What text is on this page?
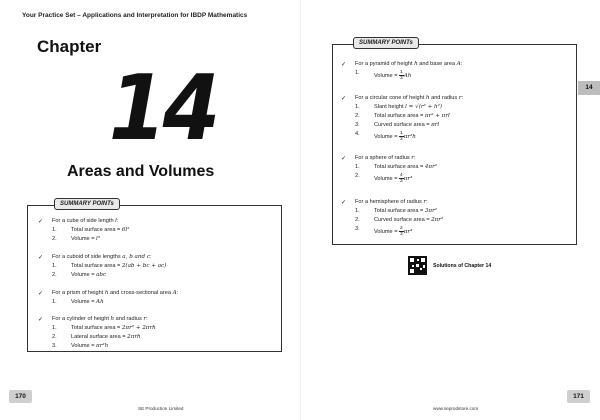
Your Practice Set – Applications and Interpretation for IBDP Mathematics
Chapter
14
Areas and Volumes
SUMMARY POINTs
✓ For a cube of side length l:
1.	Total surface area = 6l²
2.	Volume = l³
✓ For a cuboid of side lengths a, b and c:
1.	Total surface area = 2(ab + bc + ac)
2.	Volume = abc
✓ For a prism of height h and cross-sectional area A:
1.	Volume = Ah
✓ For a cylinder of height h and radius r:
1.	Total surface area = 2πr² + 2πrh
2.	Lateral surface area = 2πrh
3.	Volume = πr²h
SUMMARY POINTs
✓ For a pyramid of height h and base area A:
1.	Volume = $\frac{1}{3}$ Ah
✓ For a circular cone of height h and radius r:
1.	Slant height l = √(r² + h²)
2.	Total surface area = πr² + πrl
3.	Curved surface area = πrl
4.	Volume = $\frac{1}{3} \pi r^2h$
✓ For a sphere of radius r:
1.	Total surface area = 4πr²
2.	Volume = $\frac{4}{3} \pi r^3$
✓ For a hemisphere of radius r:
1.	Total surface area = 3πr²
2.	Curved surface area = 2πr²
3.	Volume = $\frac{2}{3} \pi r^3$
14
Solutions of Chapter 14
170	171
SE Production Limited	www.seprodstore.com
